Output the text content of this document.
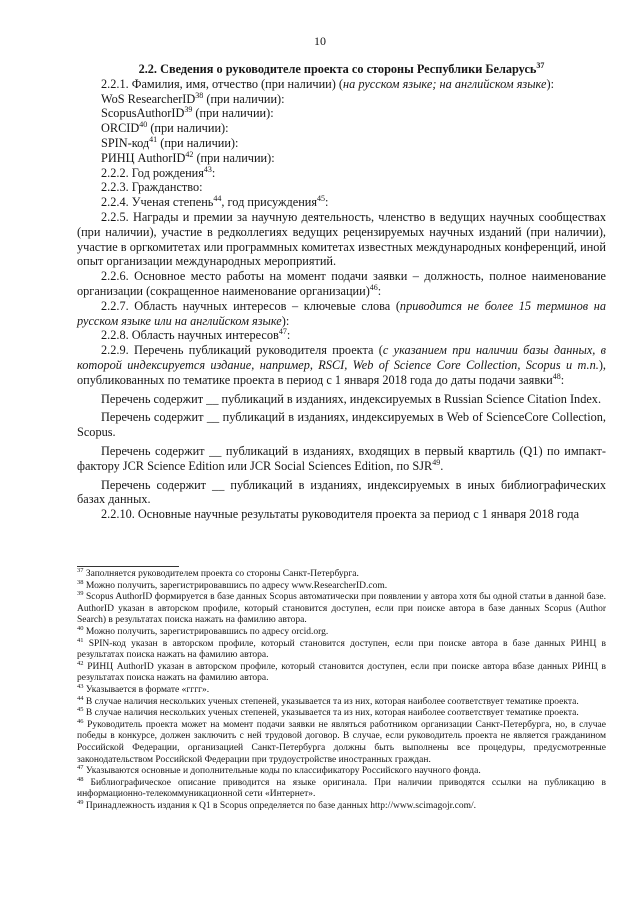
10

2.2. Сведения о руководителе проекта со стороны Республики Беларусь$^{37}$

2.2.1. Фамилия, имя, отчество (при наличии) (на русском языке; на английском языке):

WoS ResearcherID$^{38}$ (при наличии):

ScopusAuthorID$^{39}$ (при наличии):

ORCID$^{40}$ (при наличии):

SPIN-код$^{41}$ (при наличии):

РИНЦ AuthorID$^{42}$ (при наличии):

2.2.2. Год рождения$^{43}$:

2.2.3. Гражданство:

2.2.4. Ученая степень$^{44}$, год присуждения$^{45}$:

2.2.5. Награды и премии за научную деятельность, членство в ведущих научных сообществах (при наличии), участие в редколлегиях ведущих рецензируемых научных изданий (при наличии), участие в оргкомитетах или программных комитетах известных международных конференций, иной опыт организации международных мероприятий.

2.2.6. Основное место работы на момент подачи заявки – должность, полное наименование организации (сокращенное наименование организации)$^{46}$:

2.2.7. Область научных интересов – ключевые слова (приводится не более 15 терминов на русском языке или на английском языке):

2.2.8. Область научных интересов$^{47}$:

2.2.9. Перечень публикаций руководителя проекта (с указанием при наличии базы данных, в которой индексируется издание, например, RSCI, Web of Science Core Collection, Scopus и т.п.), опубликованных по тематике проекта в период с 1 января 2018 года до даты подачи заявки$^{48}$:

Перечень содержит __ публикаций в изданиях, индексируемых в Russian Science Citation Index.

Перечень содержит __ публикаций в изданиях, индексируемых в Web of ScienceCore Collection, Scopus.

Перечень содержит __ публикаций в изданиях, входящих в первый квартиль (Q1) по импакт-фактору JCR Science Edition или JCR Social Sciences Edition, по SJR$^{49}$.

Перечень содержит __ публикаций в изданиях, индексируемых в иных библиографических базах данных.

2.2.10. Основные научные результаты руководителя проекта за период с 1 января 2018 года

$^{37}$ Заполняется руководителем проекта со стороны Санкт-Петербурга.

$^{38}$ Можно получить, зарегистрировавшись по адресу www.ResearcherID.com.

$^{39}$ Scopus AuthorID формируется в базе данных Scopus автоматически при появлении у автора хотя бы одной статьи в данной базе. AuthorID указан в авторском профиле, который становится доступен, если при поиске автора в базе данных Scopus (Author Search) в результатах поиска нажать на фамилию автора.

$^{40}$ Можно получить, зарегистрировавшись по адресу orcid.org.

$^{41}$ SPIN-код указан в авторском профиле, который становится доступен, если при поиске автора в базе данных РИНЦ в результатах поиска нажать на фамилию автора.

$^{42}$ РИНЦ AuthorID указан в авторском профиле, который становится доступен, если при поиске автора вбазе данных РИНЦ в результатах поиска нажать на фамилию автора.

$^{43}$ Указывается в формате «гггг».

$^{44}$ В случае наличия нескольких ученых степеней, указывается та из них, которая наиболее соответствует тематике проекта.

$^{45}$ В случае наличия нескольких ученых степеней, указывается та из них, которая наиболее соответствует тематике проекта.

$^{46}$ Руководитель проекта может на момент подачи заявки не являться работником организации Санкт-Петербурга, но, в случае победы в конкурсе, должен заключить с ней трудовой договор. В случае, если руководитель проекта не является гражданином Российской Федерации, организацией Санкт-Петербурга должны быть выполнены все процедуры, предусмотренные законодательством Российской Федерации при трудоустройстве иностранных граждан.

$^{47}$ Указываются основные и дополнительные коды по классификатору Российского научного фонда.

$^{48}$ Библиографическое описание приводится на языке оригинала. При наличии приводятся ссылки на публикацию в информационно-телекоммуникационной сети «Интернет».

$^{49}$ Принадлежность издания к Q1 в Scopus определяется по базе данных http://www.scimagojr.com/.
